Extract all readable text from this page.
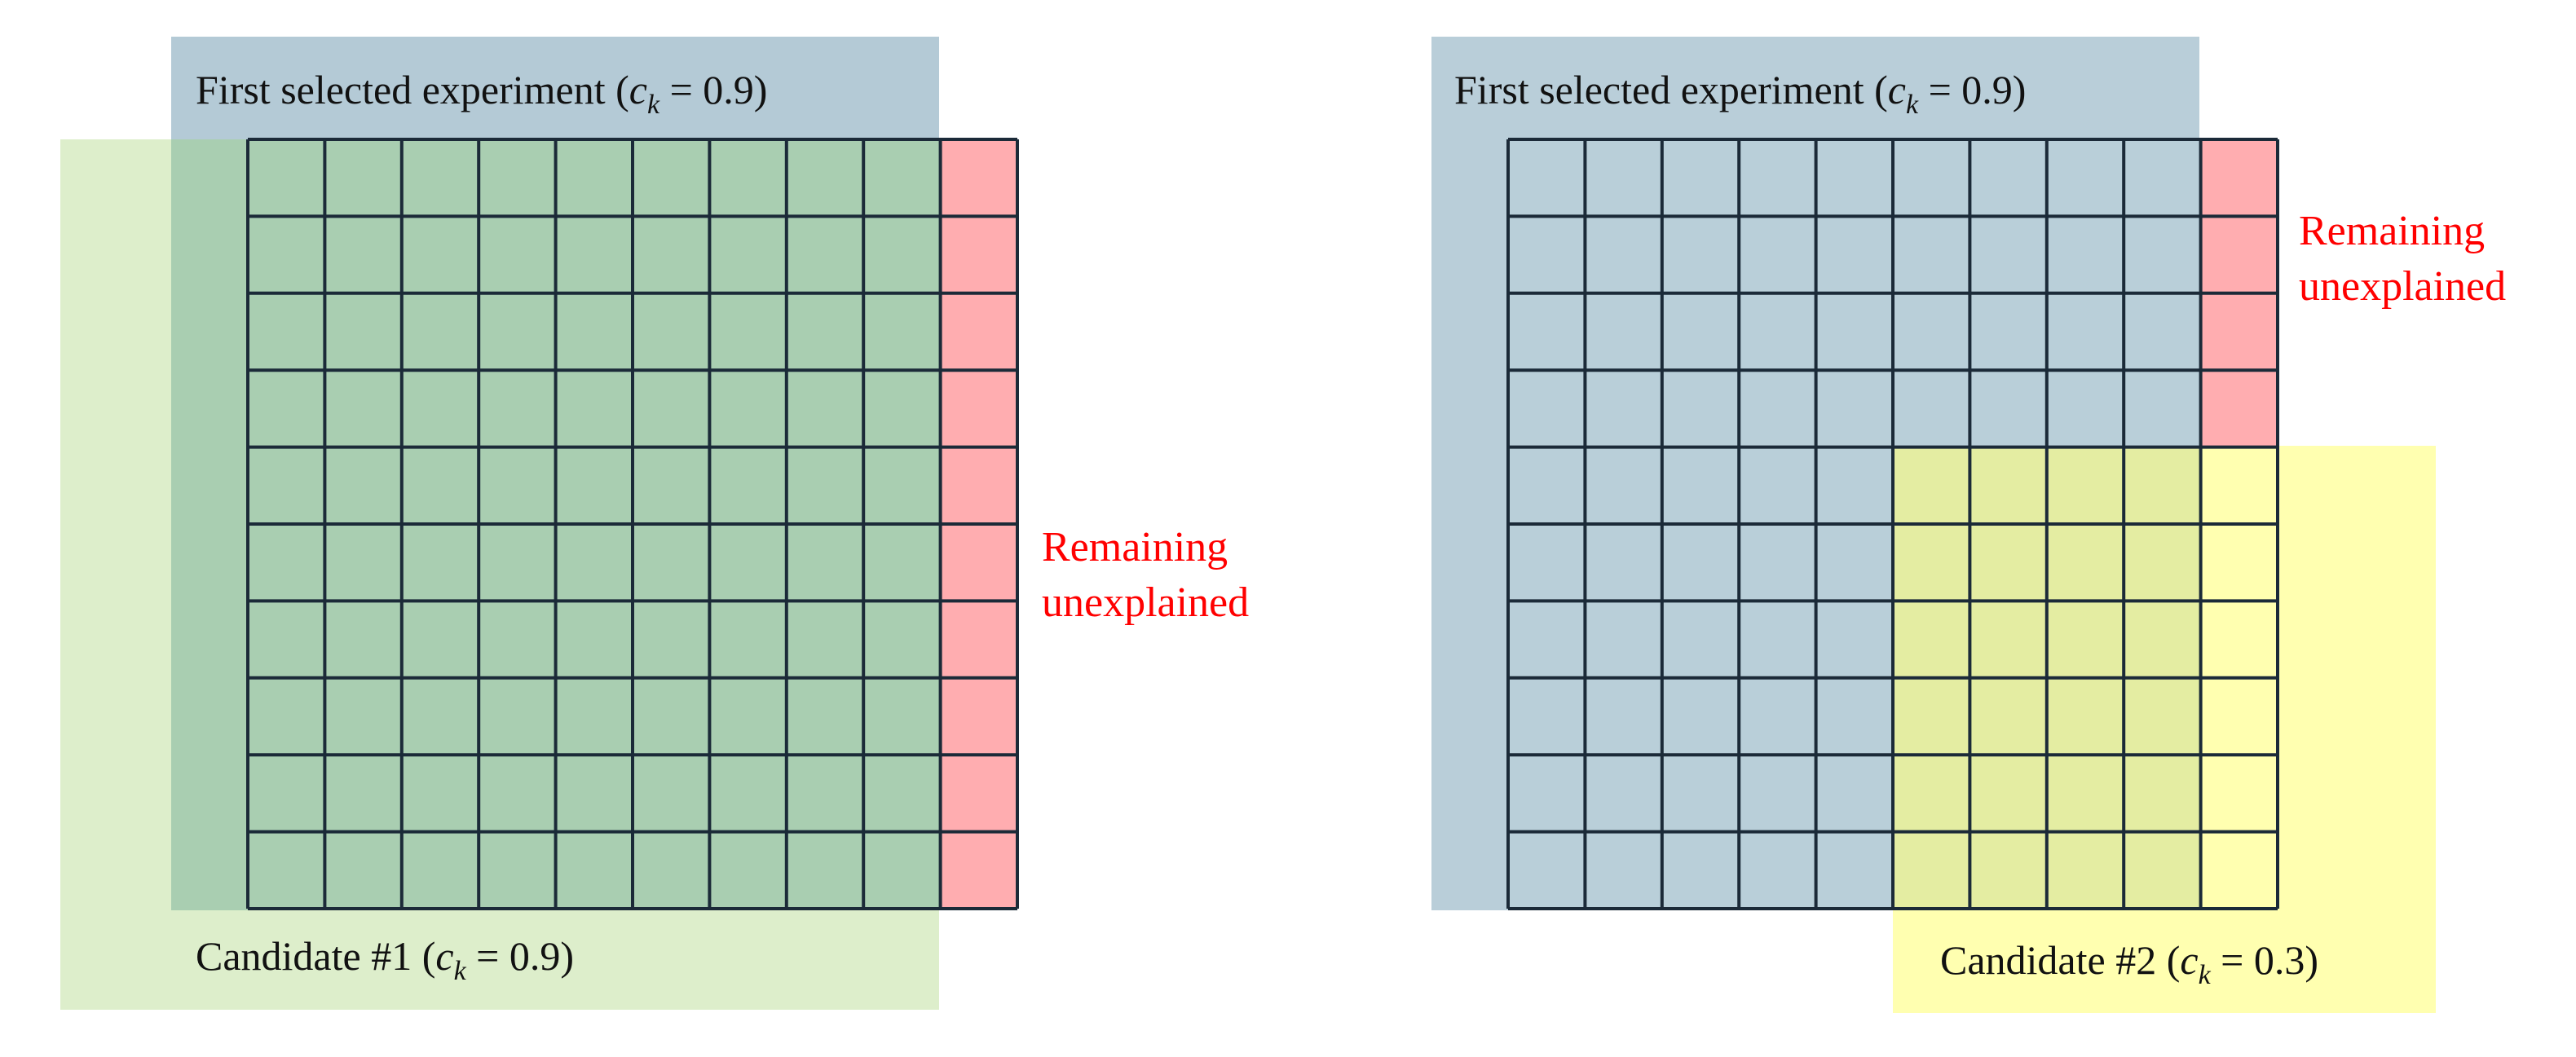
First selected experiment $(c_k = 0.9)$
Candidate #1 $(c_k = 0.9)$
Remaining unexplained
First selected experiment $(c_k = 0.9)$
Candidate #2 $(c_k = 0.3)$
Remaining unexplained
